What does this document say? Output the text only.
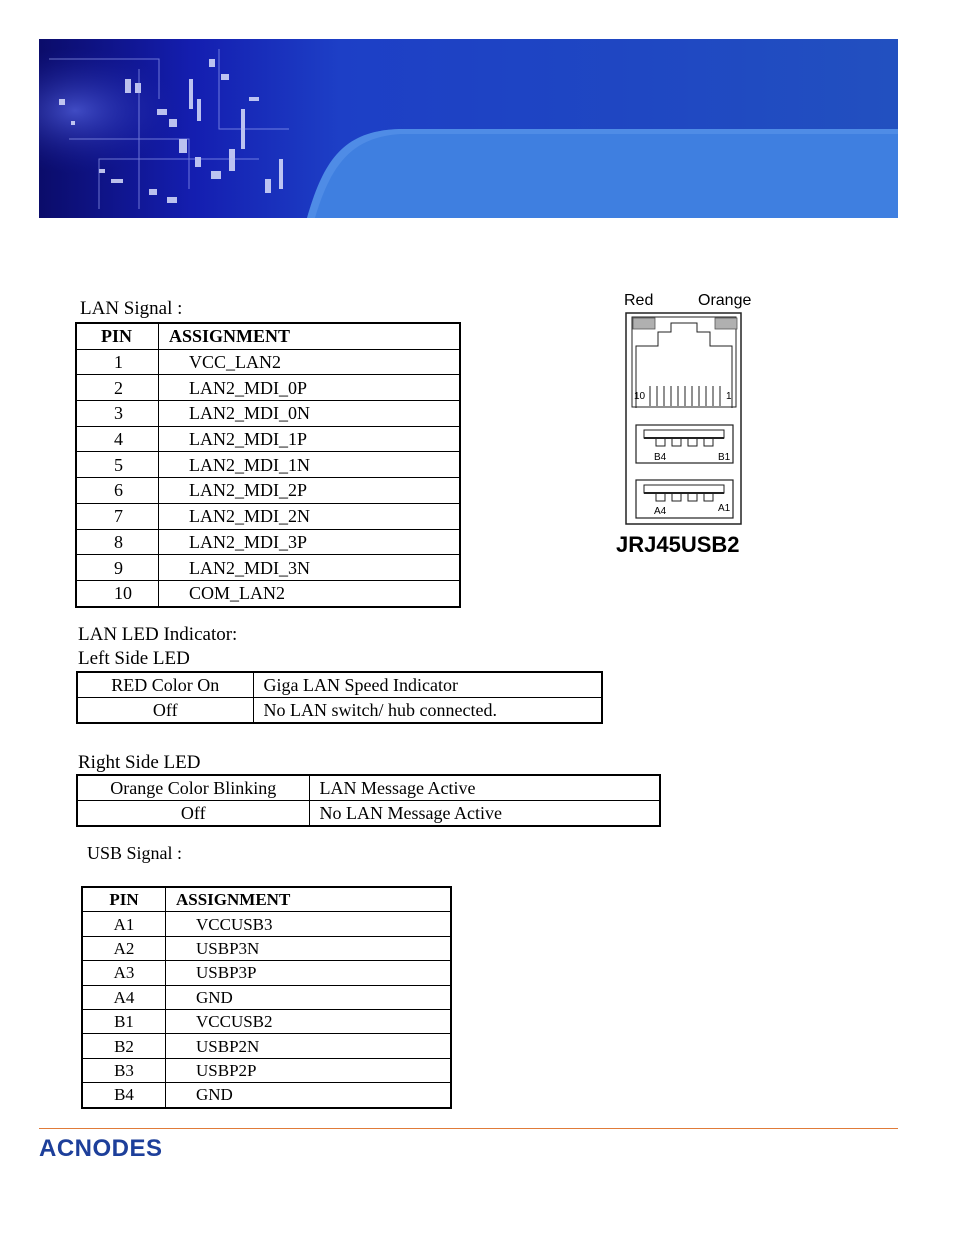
LAN Signal :
PIN	ASSIGNMENT
1	VCC_LAN2
2	LAN2_MDI_0P
3	LAN2_MDI_0N
4	LAN2_MDI_1P
5	LAN2_MDI_1N
6	LAN2_MDI_2P
7	LAN2_MDI_2N
8	LAN2_MDI_3P
9	LAN2_MDI_3N
10	COM_LAN2
Red	Orange
10	1
B4	B1
A4	A1
JRJ45USB2
LAN LED Indicator:
Left Side LED
RED Color On	Giga LAN Speed Indicator
Off	No LAN switch/ hub connected.
Right Side LED
Orange Color Blinking	LAN Message Active
Off	No LAN Message Active
USB Signal :
PIN	ASSIGNMENT
A1	VCCUSB3
A2	USBP3N
A3	USBP3P
A4	GND
B1	VCCUSB2
B2	USBP2N
B3	USBP2P
B4	GND
ACNODES
